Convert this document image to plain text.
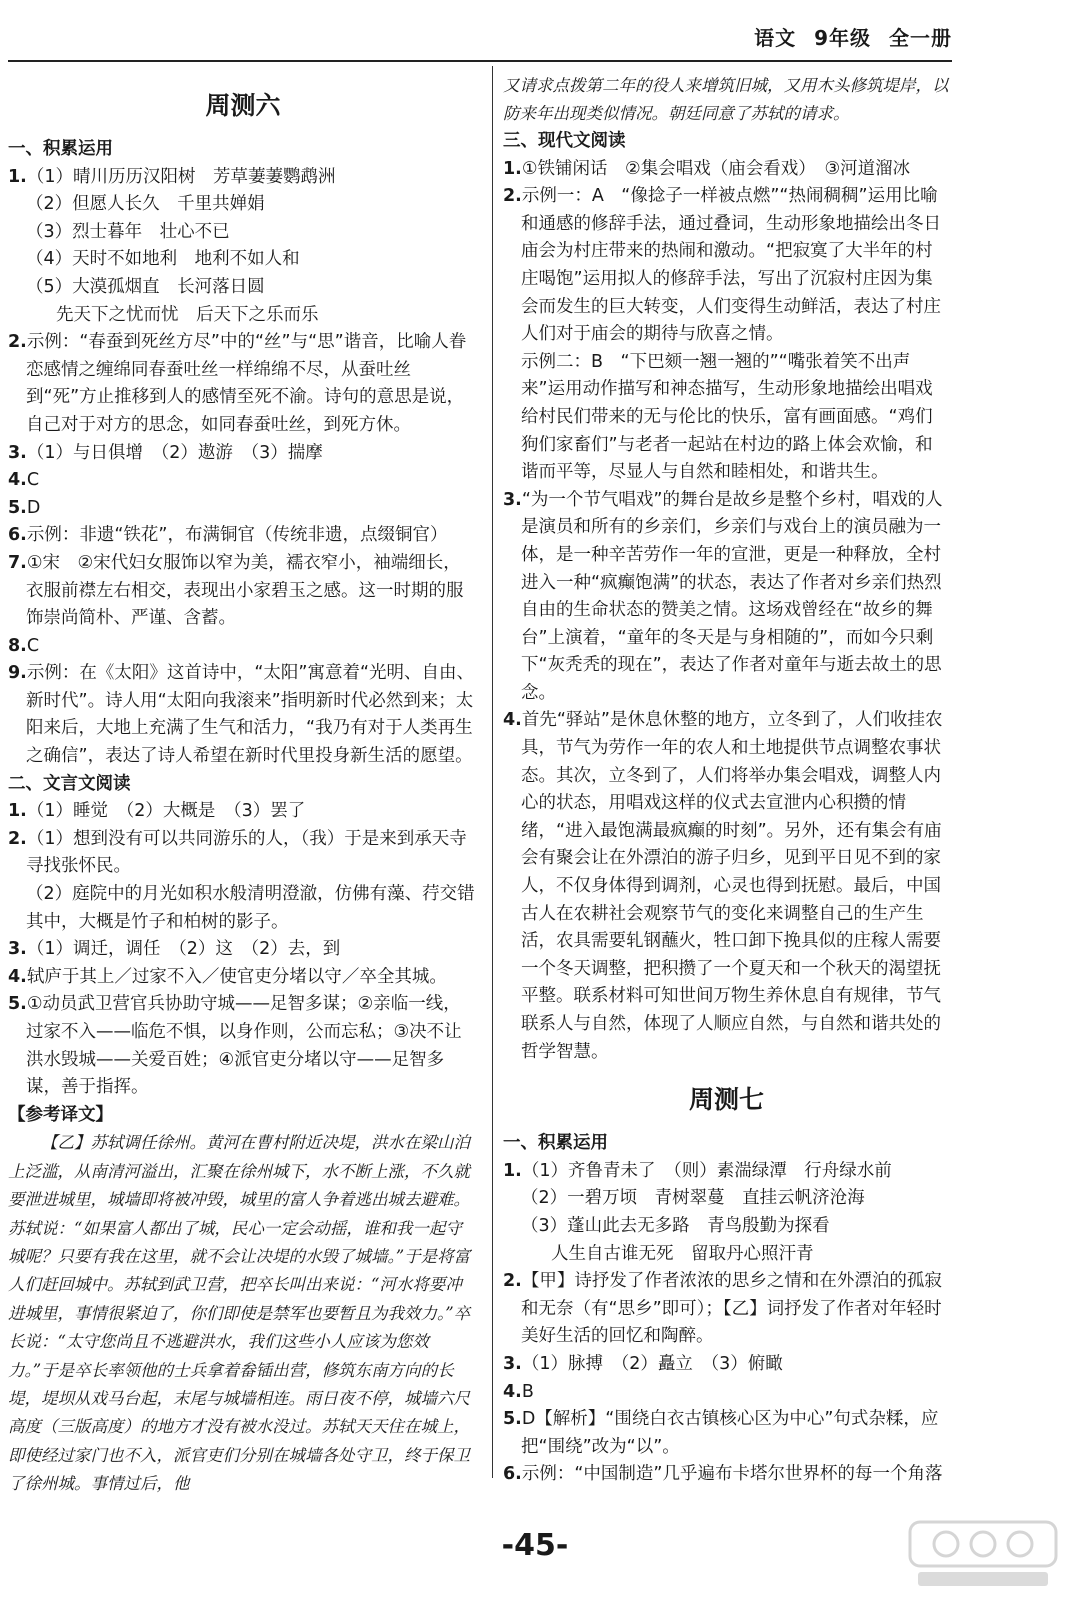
语文 9年级 全一册
周测六
一、积累运用
1.（1）晴川历历汉阳树　芳草萋萋鹦鹉洲
（2）但愿人长久　千里共婵娟
（3）烈士暮年　壮心不已
（4）天时不如地利　地利不如人和
（5）大漠孤烟直　长河落日圆
先天下之忧而忧　后天下之乐而乐
2.示例：“春蚕到死丝方尽”中的“丝”与“思”谐音，比喻人眷恋感情之缠绵同春蚕吐丝一样绵绵不尽，从蚕吐丝到“死”方止推移到人的感情至死不渝。诗句的意思是说，自己对于对方的思念，如同春蚕吐丝，到死方休。
3.（1）与日俱增　（2）遨游　（3）揣摩
4.C
5.D
6.示例：非遗“铁花”，布满铜官（传统非遗，点缀铜官）
7.①宋　②宋代妇女服饰以窄为美，襦衣窄小，袖端细长，衣服前襟左右相交，表现出小家碧玉之感。这一时期的服饰崇尚简朴、严谨、含蓄。
8.C
9.示例：在《太阳》这首诗中，“太阳”寓意着“光明、自由、新时代”。诗人用“太阳向我滚来”指明新时代必然到来；太阳来后，大地上充满了生气和活力，“我乃有对于人类再生之确信”，表达了诗人希望在新时代里投身新生活的愿望。
二、文言文阅读
1.（1）睡觉　（2）大概是　（3）罢了
2.（1）想到没有可以共同游乐的人，（我）于是来到承天寺寻找张怀民。
（2）庭院中的月光如积水般清明澄澈，仿佛有藻、荇交错其中，大概是竹子和柏树的影子。
3.（1）调迁，调任　（2）这　（2）去，到
4.轼庐于其上／过家不入／使官吏分堵以守／卒全其城。
5.①动员武卫营官兵协助守城——足智多谋；②亲临一线，过家不入——临危不惧，以身作则，公而忘私；③决不让洪水毁城——关爱百姓；④派官吏分堵以守——足智多谋，善于指挥。
【参考译文】

【乙】苏轼调任徐州。黄河在曹村附近决堤，洪水在梁山泊上泛滥，从南清河溢出，汇聚在徐州城下，水不断上涨，不久就要泄进城里，城墙即将被冲毁，城里的富人争着逃出城去避难。苏轼说：“如果富人都出了城，民心一定会动摇，谁和我一起守城呢？只要有我在这里，就不会让决堤的水毁了城墙。”于是将富人们赶回城中。苏轼到武卫营，把卒长叫出来说：“河水将要冲进城里，事情很紧迫了，你们即使是禁军也要暂且为我效力。”卒长说：“太守您尚且不逃避洪水，我们这些小人应该为您效力。”于是卒长率领他的士兵拿着畚锸出营，修筑东南方向的长堤，堤坝从戏马台起，末尾与城墙相连。雨日夜不停，城墙六尺高度（三版高度）的地方才没有被水没过。苏轼天天住在城上，即使经过家门也不入，派官吏们分别在城墙各处守卫，终于保卫了徐州城。事情过后，他

又请求点拨第二年的役人来增筑旧城，又用木头修筑堤岸，以防来年出现类似情况。朝廷同意了苏轼的请求。

三、现代文阅读
1.①铁铺闲话　②集会唱戏（庙会看戏）　③河道溜冰
2.示例一：A　“像捻子一样被点燃”“热闹稠稠”运用比喻和通感的修辞手法，通过叠词，生动形象地描绘出冬日庙会为村庄带来的热闹和激动。“把寂寞了大半年的村庄喝饱”运用拟人的修辞手法，写出了沉寂村庄因为集会而发生的巨大转变，人们变得生动鲜活，表达了村庄人们对于庙会的期待与欣喜之情。
示例二：B　“下巴颏一翘一翘的”“嘴张着笑不出声来”运用动作描写和神态描写，生动形象地描绘出唱戏给村民们带来的无与伦比的快乐，富有画面感。“鸡们狗们家畜们”与老者一起站在村边的路上体会欢愉，和谐而平等，尽显人与自然和睦相处，和谐共生。
3.“为一个节气唱戏”的舞台是故乡是整个乡村，唱戏的人是演员和所有的乡亲们，乡亲们与戏台上的演员融为一体，是一种辛苦劳作一年的宣泄，更是一种释放，全村进入一种“疯癫饱满”的状态，表达了作者对乡亲们热烈自由的生命状态的赞美之情。这场戏曾经在“故乡的舞台”上演着，“童年的冬天是与身相随的”，而如今只剩下“灰秃秃的现在”，表达了作者对童年与逝去故土的思念。
4.首先“驿站”是休息休整的地方，立冬到了，人们收挂农具，节气为劳作一年的农人和土地提供节点调整农事状态。其次，立冬到了，人们将举办集会唱戏，调整人内心的状态，用唱戏这样的仪式去宣泄内心积攒的情绪，“进入最饱满最疯癫的时刻”。另外，还有集会有庙会有聚会让在外漂泊的游子归乡，见到平日见不到的家人，不仅身体得到调剂，心灵也得到抚慰。最后，中国古人在农耕社会观察节气的变化来调整自己的生产生活，农具需要轧钢蘸火，牲口卸下挽具似的庄稼人需要一个冬天调整，把积攒了一个夏天和一个秋天的渴望抚平整。联系材料可知世间万物生养休息自有规律，节气联系人与自然，体现了人顺应自然，与自然和谐共处的哲学智慧。
周测七
一、积累运用
1.（1）齐鲁青未了　（则）素湍绿潭　行舟绿水前
（2）一碧万顷　青树翠蔓　直挂云帆济沧海
（3）蓬山此去无多路　青鸟殷勤为探看
人生自古谁无死　留取丹心照汗青
2.【甲】诗抒发了作者浓浓的思乡之情和在外漂泊的孤寂和无奈（有“思乡”即可）；【乙】词抒发了作者对年轻时美好生活的回忆和陶醉。
3.（1）脉搏　（2）矗立　（3）俯瞰
4.B
5.D【解析】“围绕白衣古镇核心区为中心”句式杂糅，应把“围绕”改为“以”。
6.示例：“中国制造”几乎遍布卡塔尔世界杯的每一个角落
-45-
